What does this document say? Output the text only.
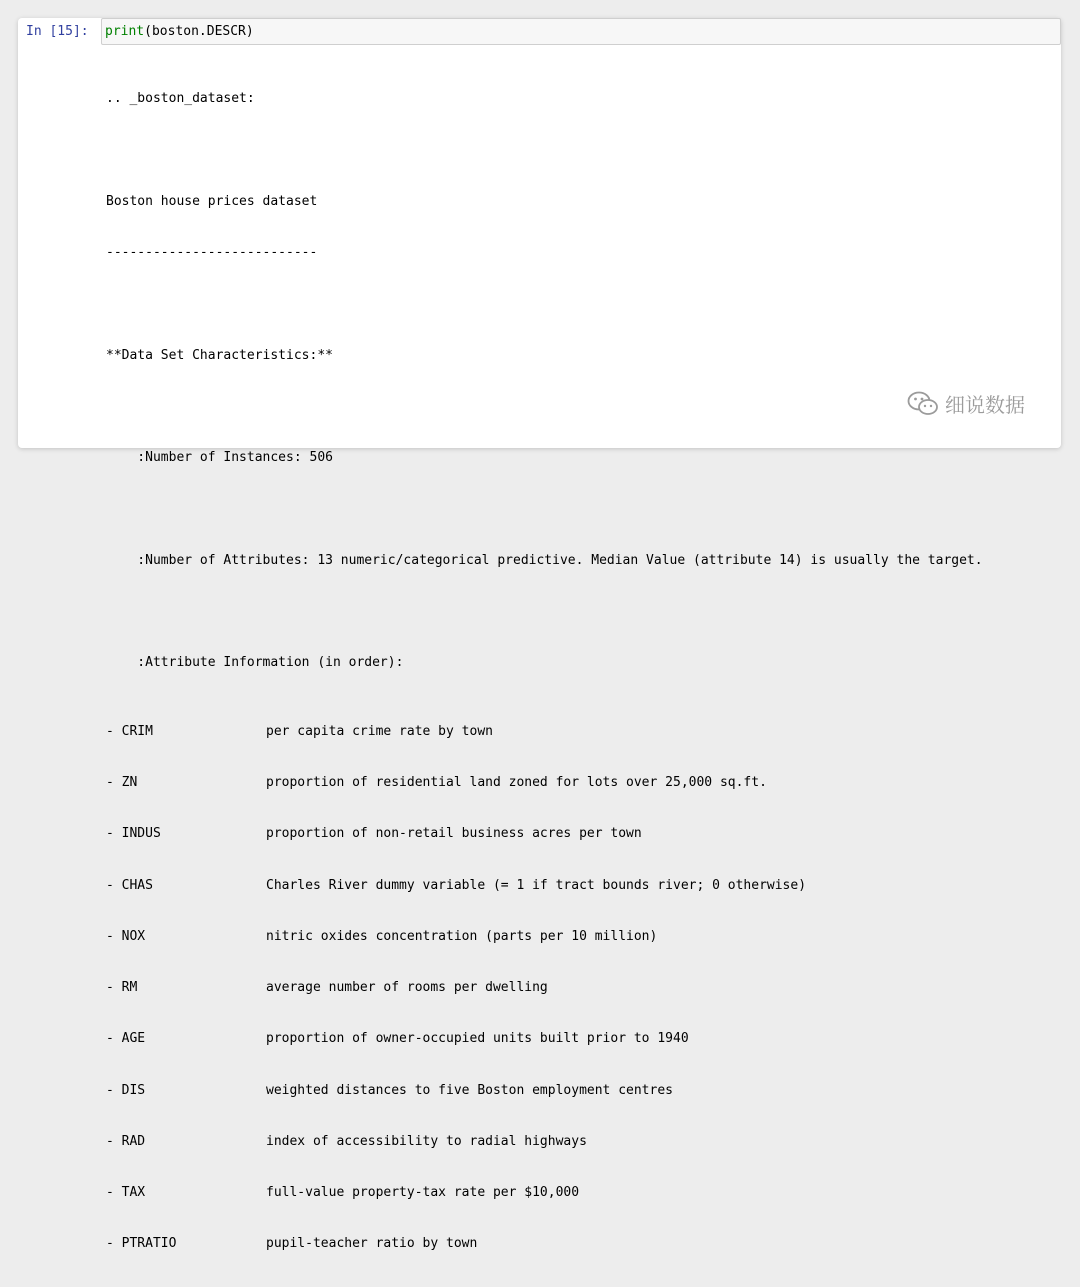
In [15]: print(boston.DESCR)

.. _boston_dataset:

Boston house prices dataset

---------------------------

**Data Set Characteristics:**

:Number of Instances: 506

:Number of Attributes: 13 numeric/categorical predictive. Median Value (attribute 14) is usually the target.

:Attribute Information (in order):

- CRIM	per capita crime rate by town

- ZN	proportion of residential land zoned for lots over 25,000 sq.ft.

- INDUS	proportion of non-retail business acres per town

- CHAS	Charles River dummy variable (= 1 if tract bounds river; 0 otherwise)

- NOX	nitric oxides concentration (parts per 10 million)

- RM	average number of rooms per dwelling

- AGE	proportion of owner-occupied units built prior to 1940

- DIS	weighted distances to five Boston employment centres

- RAD	index of accessibility to radial highways

- TAX	full-value property-tax rate per $10,000

- PTRATIO	pupil-teacher ratio by town

细说数据
